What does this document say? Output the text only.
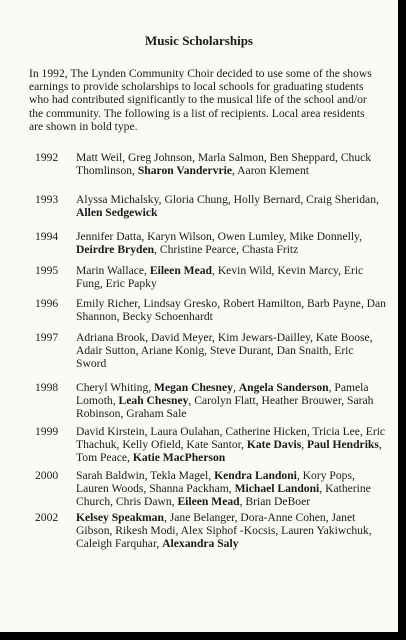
Music Scholarships

In 1992, The Lynden Community Choir decided to use some of the shows earnings to provide scholarships to local schools for graduating students who had contributed significantly to the musical life of the school and/or the community. The following is a list of recipients. Local area residents are shown in bold type.

1992 Matt Weil, Greg Johnson, Marla Salmon, Ben Sheppard, Chuck Thomlinson, Sharon Vandervrie, Aaron Klement
1993 Alyssa Michalsky, Gloria Chung, Holly Bernard, Craig Sheridan, Allen Sedgewick
1994 Jennifer Datta, Karyn Wilson, Owen Lumley, Mike Donnelly, Deirdre Bryden, Christine Pearce, Chasta Fritz
1995 Marin Wallace, Eileen Mead, Kevin Wild, Kevin Marcy, Eric Fung, Eric Papky
1996 Emily Richer, Lindsay Gresko, Robert Hamilton, Barb Payne, Dan Shannon, Becky Schoenhardt
1997 Adriana Brook, David Meyer, Kim Jewars-Dailley, Kate Boose, Adair Sutton, Ariane Konig, Steve Durant, Dan Snaith, Eric Sword
1998 Cheryl Whiting, Megan Chesney, Angela Sanderson, Pamela Lomoth, Leah Chesney, Carolyn Flatt, Heather Brouwer, Sarah Robinson, Graham Sale
1999 David Kirstein, Laura Oulahan, Catherine Hicken, Tricia Lee, Eric Thachuk, Kelly Ofield, Kate Santor, Kate Davis, Paul Hendriks, Tom Peace, Katie MacPherson
2000 Sarah Baldwin, Tekla Magel, Kendra Landoni, Kory Pops, Lauren Woods, Shanna Packham, Michael Landoni, Katherine Church, Chris Dawn, Eileen Mead, Brian DeBoer
2002 Kelsey Speakman, Jane Belanger, Dora-Anne Cohen, Janet Gibson, Rikesh Modi, Alex Siphof -Kocsis, Lauren Yakiwchuk, Caleigh Farquhar, Alexandra Saly
